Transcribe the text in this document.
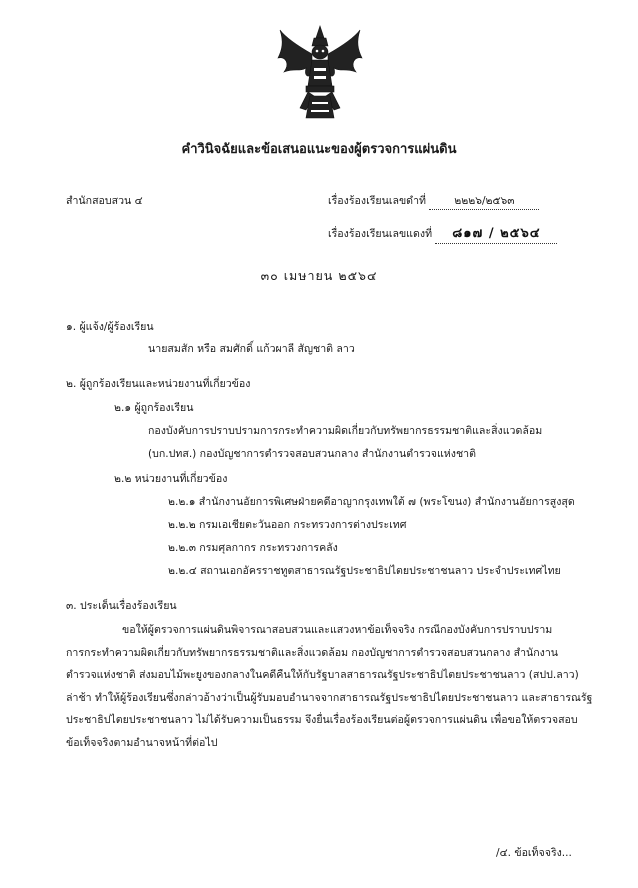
คำวินิจฉัยและข้อเสนอแนะของผู้ตรวจการแผ่นดิน
สำนักสอบสวน ๔	เรื่องร้องเรียนเลขดำที่	๒๒๒๖/๒๕๖๓
เรื่องร้องเรียนเลขแดงที่ ๘๑๗ / ๒๕๖๔
๓๐ เมษายน ๒๕๖๔
๑. ผู้แจ้ง/ผู้ร้องเรียน
นายสมสัก หรือ สมศักดิ์ แก้วผาลี สัญชาติ ลาว
๒. ผู้ถูกร้องเรียนและหน่วยงานที่เกี่ยวข้อง
๒.๑ ผู้ถูกร้องเรียน
กองบังคับการปราบปรามการกระทำความผิดเกี่ยวกับทรัพยากรธรรมชาติและสิ่งแวดล้อม
(บก.ปทส.) กองบัญชาการตำรวจสอบสวนกลาง สำนักงานตำรวจแห่งชาติ
๒.๒ หน่วยงานที่เกี่ยวข้อง
๒.๒.๑ สำนักงานอัยการพิเศษฝ่ายคดีอาญากรุงเทพใต้ ๗ (พระโขนง) สำนักงานอัยการสูงสุด
๒.๒.๒ กรมเอเชียตะวันออก กระทรวงการต่างประเทศ
๒.๒.๓ กรมศุลกากร กระทรวงการคลัง
๒.๒.๔ สถานเอกอัครราชทูตสาธารณรัฐประชาธิปไตยประชาชนลาว ประจำประเทศไทย
๓. ประเด็นเรื่องร้องเรียน
ขอให้ผู้ตรวจการแผ่นดินพิจารณาสอบสวนและแสวงหาข้อเท็จจริง กรณีกองบังคับการปราบปราม
การกระทำความผิดเกี่ยวกับทรัพยากรธรรมชาติและสิ่งแวดล้อม กองบัญชาการตำรวจสอบสวนกลาง สำนักงาน
ตำรวจแห่งชาติ ส่งมอบไม้พะยูงของกลางในคดีคืนให้กับรัฐบาลสาธารณรัฐประชาธิปไตยประชาชนลาว (สปป.ลาว)
ล่าช้า ทำให้ผู้ร้องเรียนซึ่งกล่าวอ้างว่าเป็นผู้รับมอบอำนาจจากสาธารณรัฐประชาธิปไตยประชาชนลาว และสาธารณรัฐ
ประชาธิปไตยประชาชนลาว ไม่ได้รับความเป็นธรรม จึงยื่นเรื่องร้องเรียนต่อผู้ตรวจการแผ่นดิน เพื่อขอให้ตรวจสอบ
ข้อเท็จจริงตามอำนาจหน้าที่ต่อไป
/๔. ข้อเท็จจริง...
